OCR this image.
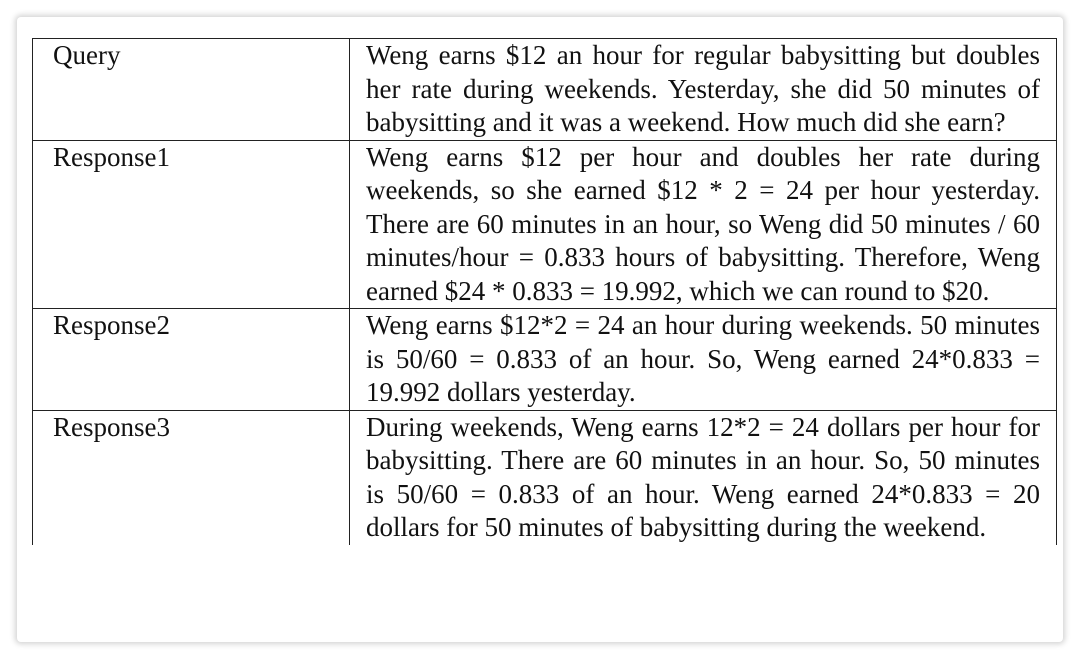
Query	Weng earns $12 an hour for regular babysitting but doubles her rate during weekends. Yesterday, she did 50 minutes of babysitting and it was a weekend. How much did she earn?
Response1	Weng earns $12 per hour and doubles her rate during weekends, so she earned $12 * 2 = 24 per hour yesterday. There are 60 minutes in an hour, so Weng did 50 minutes / 60 minutes/hour = 0.833 hours of babysitting. Therefore, Weng earned $24 * 0.833 = 19.992, which we can round to $20.
Response2	Weng earns $12*2 = 24 an hour during weekends. 50 minutes is 50/60 = 0.833 of an hour. So, Weng earned 24*0.833 = 19.992 dollars yesterday.
Response3	During weekends, Weng earns 12*2 = 24 dollars per hour for babysitting. There are 60 minutes in an hour. So, 50 minutes is 50/60 = 0.833 of an hour. Weng earned 24*0.833 = 20 dollars for 50 minutes of babysitting during the weekend.
